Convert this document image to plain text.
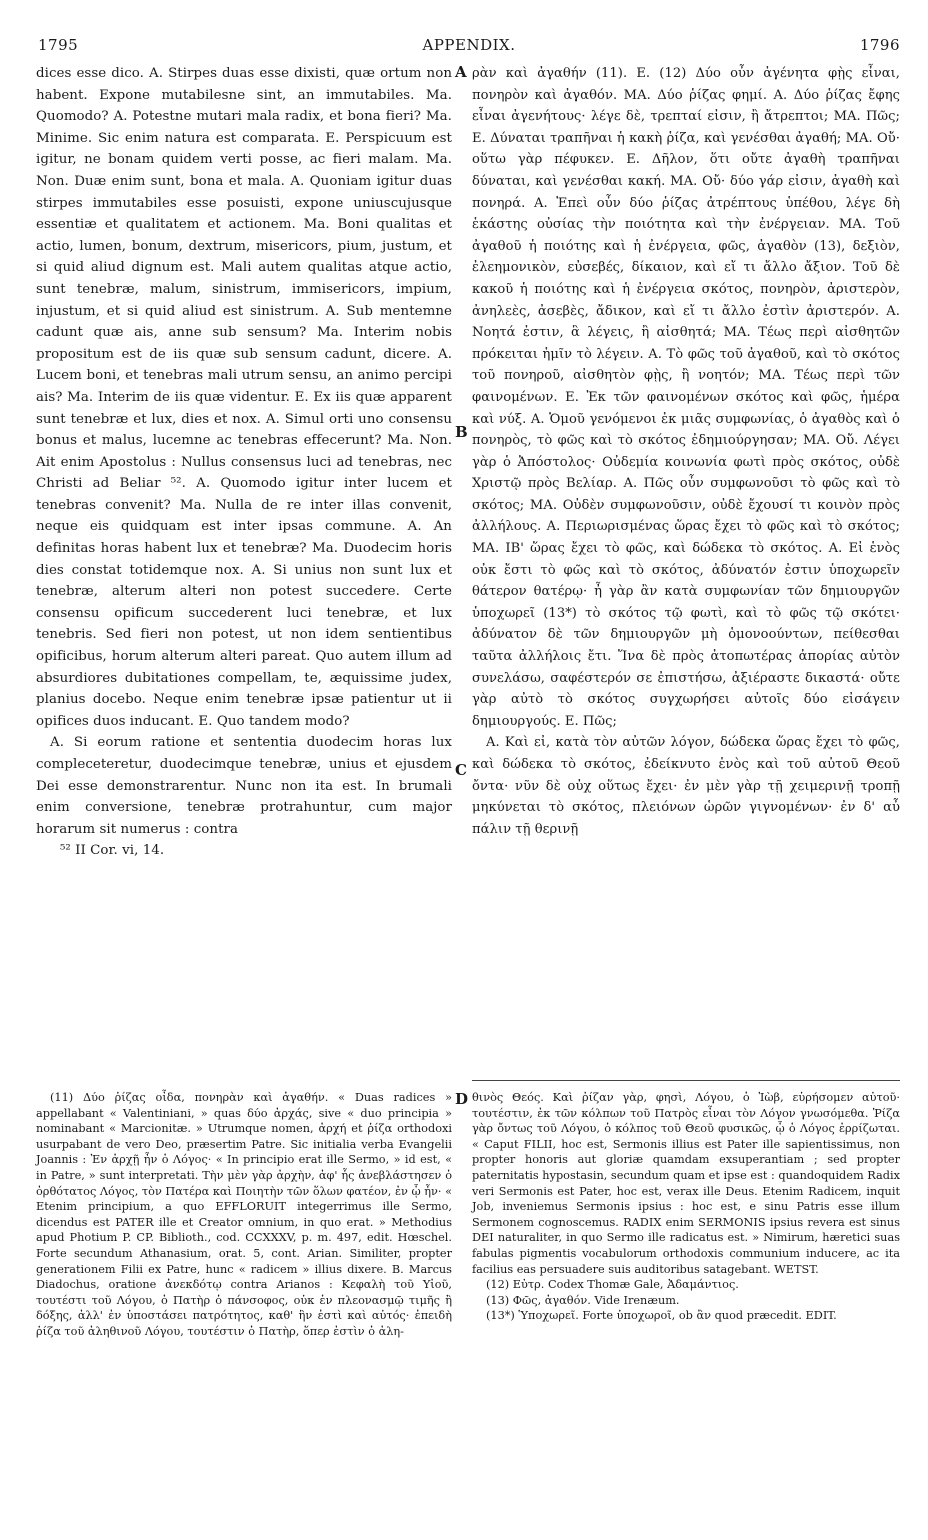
1795	APPENDIX.	1796

dices esse dico. A. Stirpes duas esse dixisti, quæ ortum non habent. Expone mutabilesne sint, an immutabiles. Ma. Quomodo? A. Potestne mutari mala radix, et bona fieri? Ma. Minime. Sic enim natura est comparata. E. Perspicuum est igitur, ne bonam quidem verti posse, ac fieri malam. Ma. Non. Duæ enim sunt, bona et mala. A. Quoniam igitur duas stirpes immutabiles esse posuisti, expone uniuscujusque essentiæ et qualitatem et actionem. Ma. Boni qualitas et actio, lumen, bonum, dextrum, misericors, pium, justum, et si quid aliud dignum est. Mali autem qualitas atque actio, sunt tenebræ, malum, sinistrum, immisericors, impium, injustum, et si quid aliud est sinistrum. A. Sub mentemne cadunt quæ ais, anne sub sensum? Ma. Interim nobis propositum est de iis quæ sub sensum cadunt, dicere. A. Lucem boni, et tenebras mali utrum sensu, an animo percipi ais? Ma. Interim de iis quæ videntur. E. Ex iis quæ apparent sunt tenebræ et lux, dies et nox. A. Simul orti uno consensu bonus et malus, lucemne ac tenebras effecerunt? Ma. Non. Ait enim Apostolus : Nullus consensus luci ad tenebras, nec Christi ad Beliar ⁵². A. Quomodo igitur inter lucem et tenebras convenit? Ma. Nulla de re inter illas convenit, neque eis quidquam est inter ipsas commune. A. An definitas horas habent lux et tenebræ? Ma. Duodecim horis dies constat totidemque nox. A. Si unius non sunt lux et tenebræ, alterum alteri non potest succedere. Certe consensu opificum succederent luci tenebræ, et lux tenebris. Sed fieri non potest, ut non idem sentientibus opificibus, horum alterum alteri pareat. Quo autem illum ad absurdiores dubitationes compellam, te, æquissime judex, planius docebo. Neque enim tenebræ ipsæ patientur ut ii opifices duos inducant. E. Quo tandem modo?

A. Si eorum ratione et sententia duodecim horas lux compleceteretur, duodecimque tenebræ, unius et ejusdem Dei esse demonstrarentur. Nunc non ita est. In brumali enim conversione, tenebræ protrahuntur, cum major horarum sit numerus : contra

⁵² II Cor. vi, 14.

ρὰν καὶ ἀγαθήν (11). Ε. (12) Δύο οὖν ἀγένητα φῂς εἶναι, πονηρὸν καὶ ἀγαθόν. ΜΑ. Δύο ῥίζας φημί. Α. Δύο ῥίζας ἔφης εἶναι ἀγενήτους· λέγε δὲ, τρεπταί εἰσιν, ἢ ἄτρεπτοι; ΜΑ. Πῶς; Ε. Δύναται τραπῆναι ἡ κακὴ ῥίζα, καὶ γενέσθαι ἀγαθή; ΜΑ. Οὔ· οὕτω γὰρ πέφυκεν. Ε. Δῆλον, ὅτι οὔτε ἀγαθὴ τραπῆναι δύναται, καὶ γενέσθαι κακή. ΜΑ. Οὔ· δύο γάρ εἰσιν, ἀγαθὴ καὶ πονηρά. Α. Ἐπεὶ οὖν δύο ῥίζας ἀτρέπτους ὑπέθου, λέγε δὴ ἑκάστης οὐσίας τὴν ποιότητα καὶ τὴν ἐνέργειαν. ΜΑ. Τοῦ ἀγαθοῦ ἡ ποιότης καὶ ἡ ἐνέργεια, φῶς, ἀγαθὸν (13), δεξιὸν, ἐλεημονικὸν, εὐσεβές, δίκαιον, καὶ εἴ τι ἄλλο ἄξιον. Τοῦ δὲ κακοῦ ἡ ποιότης καὶ ἡ ἐνέργεια σκότος, πονηρὸν, ἀριστερὸν, ἀνηλεὲς, ἀσεβὲς, ἄδικον, καὶ εἴ τι ἄλλο ἐστὶν ἀριστερόν. Α. Νοητά ἐστιν, ἃ λέγεις, ἢ αἰσθητά; ΜΑ. Τέως περὶ αἰσθητῶν πρόκειται ἡμῖν τὸ λέγειν. Α. Τὸ φῶς τοῦ ἀγαθοῦ, καὶ τὸ σκότος τοῦ πονηροῦ, αἰσθητὸν φῂς, ἢ νοητόν; ΜΑ. Τέως περὶ τῶν φαινομένων. Ε. Ἐκ τῶν φαινομένων σκότος καὶ φῶς, ἡμέρα καὶ νύξ. Α. Ὁμοῦ γενόμενοι ἐκ μιᾶς συμφωνίας, ὁ ἀγαθὸς καὶ ὁ πονηρὸς, τὸ φῶς καὶ τὸ σκότος ἐδημιούργησαν; ΜΑ. Οὔ. Λέγει γὰρ ὁ Ἀπόστολος· Οὐδεμία κοινωνία φωτὶ πρὸς σκότος, οὐδὲ Χριστῷ πρὸς Βελίαρ. Α. Πῶς οὖν συμφωνοῦσι τὸ φῶς καὶ τὸ σκότος; ΜΑ. Οὐδὲν συμφωνοῦσιν, οὐδὲ ἔχουσί τι κοινὸν πρὸς ἀλλήλους. Α. Περιωρισμένας ὥρας ἔχει τὸ φῶς καὶ τὸ σκότος; ΜΑ. ΙΒ' ὥρας ἔχει τὸ φῶς, καὶ δώδεκα τὸ σκότος. Α. Εἰ ἑνὸς οὐκ ἔστι τὸ φῶς καὶ τὸ σκότος, ἀδύνατόν ἐστιν ὑποχωρεῖν θάτερον θατέρῳ· ἦ γὰρ ἂν κατὰ συμφωνίαν τῶν δημιουργῶν ὑποχωρεῖ (13*) τὸ σκότος τῷ φωτὶ, καὶ τὸ φῶς τῷ σκότει· ἀδύνατον δὲ τῶν δημιουργῶν μὴ ὁμονοούντων, πείθεσθαι ταῦτα ἀλλήλοις ἔτι. Ἵνα δὲ πρὸς ἀτοπωτέρας ἀπορίας αὐτὸν συνελάσω, σαφέστερόν σε ἐπιστήσω, ἀξιέραστε δικαστά· οὔτε γὰρ αὐτὸ τὸ σκότος συγχωρήσει αὐτοῖς δύο εἰσάγειν δημιουργούς. Ε. Πῶς;

Α. Καὶ εἰ, κατὰ τὸν αὐτῶν λόγον, δώδεκα ὥρας ἔχει τὸ φῶς, καὶ δώδεκα τὸ σκότος, ἐδείκνυτο ἑνὸς καὶ τοῦ αὐτοῦ Θεοῦ ὄντα· νῦν δὲ οὐχ οὕτως ἔχει· ἐν μὲν γὰρ τῇ χειμερινῇ τροπῇ μηκύνεται τὸ σκότος, πλειόνων ὡρῶν γιγνομένων· ἐν δ' αὖ πάλιν τῇ θερινῇ

A
B
C
D

(11) Δύο ῥίζας οἶδα, πονηρὰν καὶ ἀγαθήν. « Duas radices » appellabant « Valentiniani, » quas δύο ἀρχάς, sive « duo principia » nominabant « Marcionitæ. » Utrumque nomen, ἀρχή et ῥίζα orthodoxi usurpabant de vero Deo, præsertim Patre. Sic initialia verba Evangelii Joannis : Ἐν ἀρχῇ ἦν ὁ Λόγος· « In principio erat ille Sermo, » id est, « in Patre, » sunt interpretati. Τὴν μὲν γὰρ ἀρχὴν, ἀφ' ἧς ἀνεβλάστησεν ὁ ὀρθότατος Λόγος, τὸν Πατέρα καὶ Ποιητὴν τῶν ὅλων φατέον, ἐν ᾧ ἦν· « Etenim principium, a quo EFFLORUIT integerrimus ille Sermo, dicendus est PATER ille et Creator omnium, in quo erat. » Methodius apud Photium P. CP. Biblioth., cod. CCXXXV, p. m. 497, edit. Hœschel. Forte secundum Athanasium, orat. 5, cont. Arian. Similiter, propter generationem Filii ex Patre, hunc « radicem » illius dixere. B. Marcus Diadochus, oratione ἀνεκδότῳ contra Arianos : Κεφαλὴ τοῦ Υἱοῦ, τουτέστι τοῦ Λόγου, ὁ Πατὴρ ὁ πάνσοφος, οὐκ ἐν πλεονασμῷ τιμῆς ἢ δόξης, ἀλλ' ἐν ὑποστάσει πατρότητος, καθ' ἣν ἐστὶ καὶ αὐτός· ἐπειδὴ ῥίζα τοῦ ἀληθινοῦ Λόγου, τουτέστιν ὁ Πατὴρ, ὅπερ ἐστὶν ὁ ἀλη-

θινὸς Θεός. Καὶ ῥίζαν γὰρ, φησὶ, Λόγου, ὁ Ἰὼβ, εὑρήσομεν αὐτοῦ· τουτέστιν, ἐκ τῶν κόλπων τοῦ Πατρὸς εἶναι τὸν Λόγον γνωσόμεθα. Ῥίζα γὰρ ὄντως τοῦ Λόγου, ὁ κόλπος τοῦ Θεοῦ φυσικῶς, ᾧ ὁ Λόγος ἐρρίζωται. « Caput FILII, hoc est, Sermonis illius est Pater ille sapientissimus, non propter honoris aut gloriæ quamdam exsuperantiam ; sed propter paternitatis hypostasin, secundum quam et ipse est : quandoquidem Radix veri Sermonis est Pater, hoc est, verax ille Deus. Etenim Radicem, inquit Job, inveniemus Sermonis ipsius : hoc est, e sinu Patris esse illum Sermonem cognoscemus. RADIX enim SERMONIS ipsius revera est sinus DEI naturaliter, in quo Sermo ille radicatus est. » Nimirum, hæretici suas fabulas pigmentis vocabulorum orthodoxis communium inducere, ac ita facilius eas persuadere suis auditoribus satagebant. WETST.

(12) Εὐτρ. Codex Thomæ Gale, Ἀδαμάντιος.

(13) Φῶς, ἀγαθόν. Vide Irenæum.

(13*) Ὑποχωρεῖ. Forte ὑποχωροῖ, ob ἂν quod præcedit. EDIT.
